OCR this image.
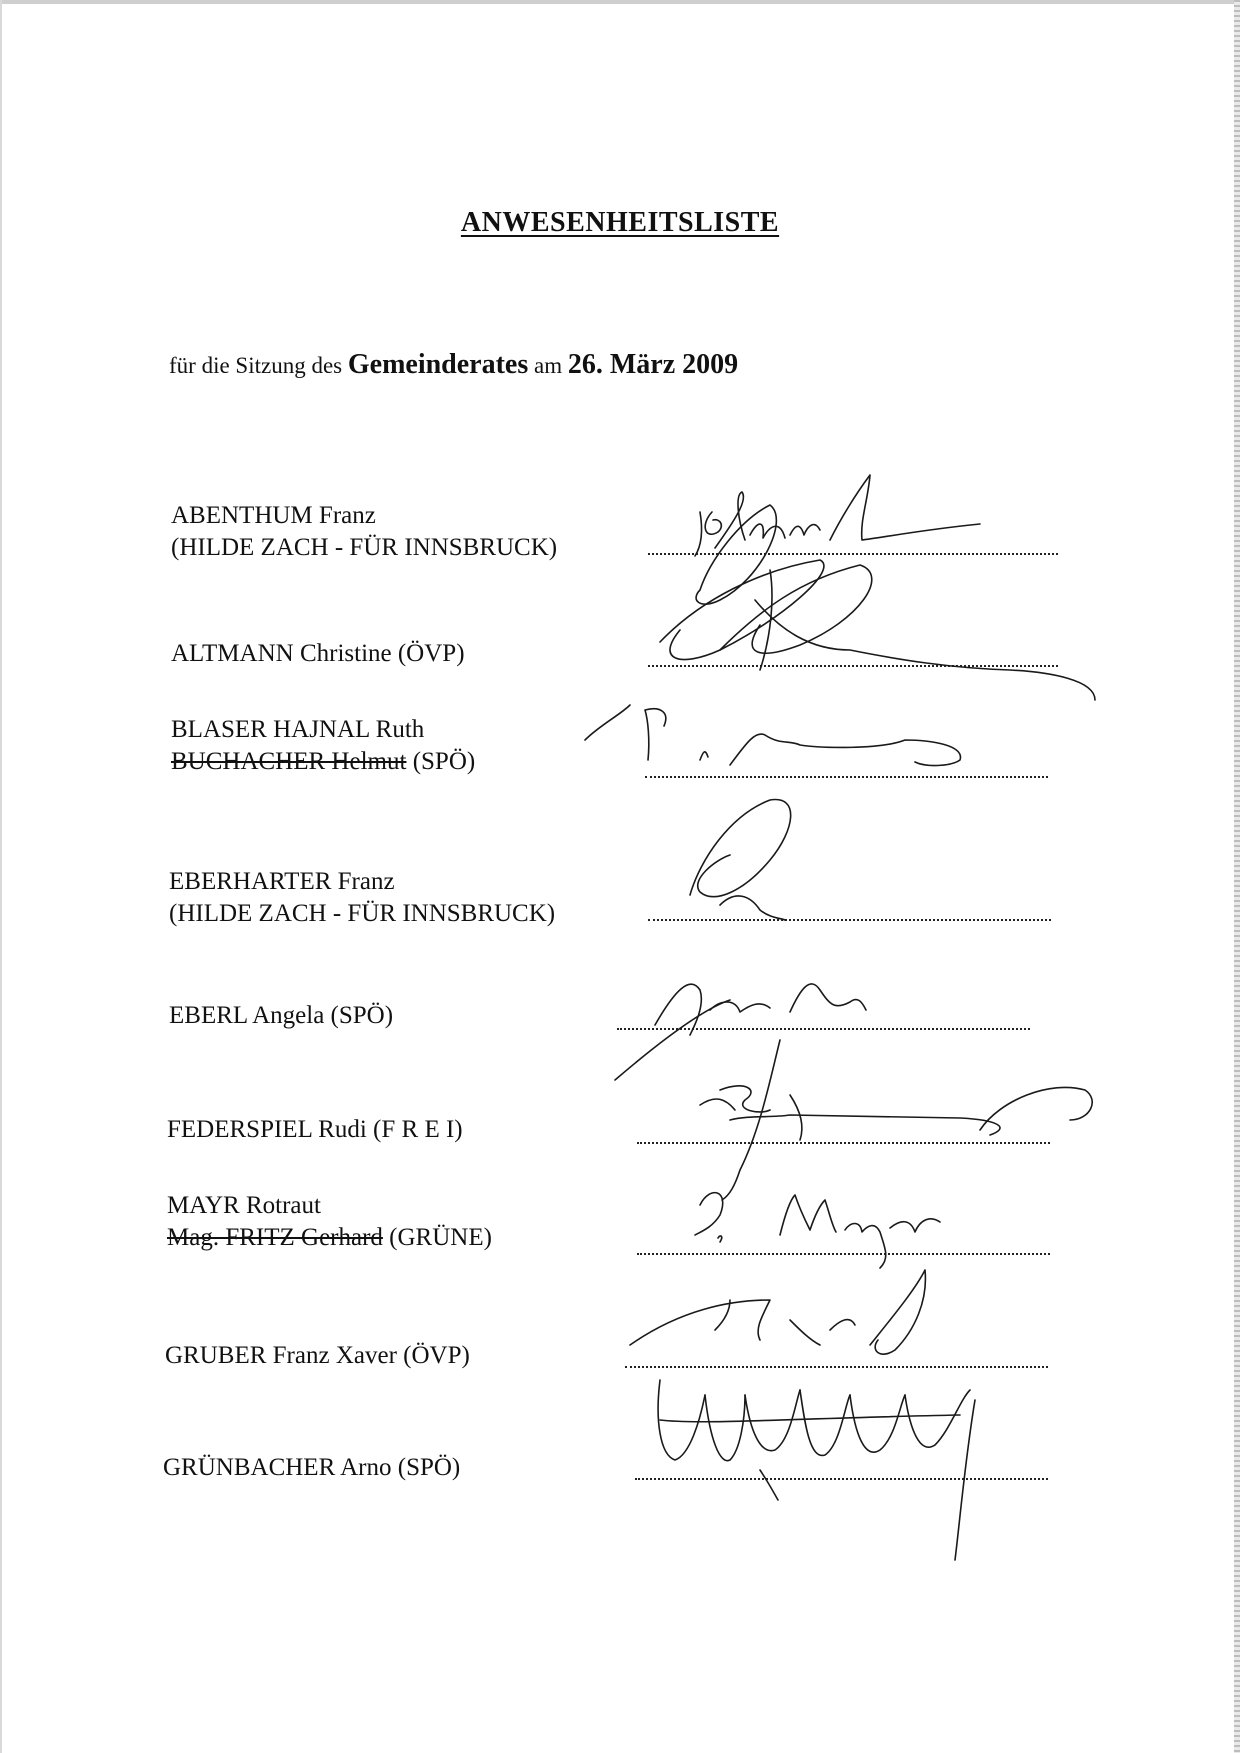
ANWESENHEITSLISTE
für die Sitzung des Gemeinderates am 26. März 2009
ABENTHUM Franz
(HILDE ZACH - FÜR INNSBRUCK)
ALTMANN Christine (ÖVP)
BLASER HAJNAL Ruth
BUCHACHER Helmut (SPÖ)
EBERHARTER Franz
(HILDE ZACH - FÜR INNSBRUCK)
EBERL Angela (SPÖ)
FEDERSPIEL Rudi (F R E I)
MAYR Rotraut
Mag. FRITZ Gerhard (GRÜNE)
GRUBER Franz Xaver (ÖVP)
GRÜNBACHER Arno (SPÖ)
